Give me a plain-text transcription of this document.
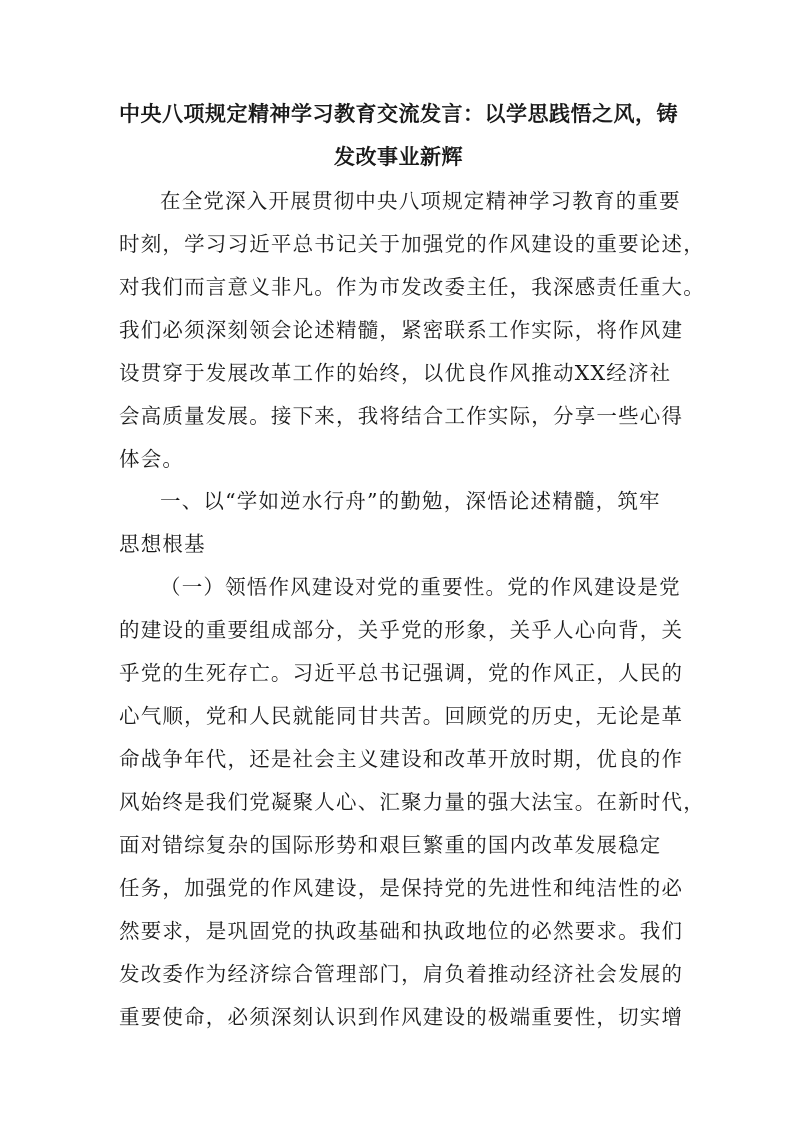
中央八项规定精神学习教育交流发言：以学思践悟之风，铸
发改事业新辉
在全党深入开展贯彻中央八项规定精神学习教育的重要
时刻，学习习近平总书记关于加强党的作风建设的重要论述，
对我们而言意义非凡。作为市发改委主任，我深感责任重大。
我们必须深刻领会论述精髓，紧密联系工作实际，将作风建
设贯穿于发展改革工作的始终，以优良作风推动XX经济社
会高质量发展。接下来，我将结合工作实际，分享一些心得
体会。
一、以“学如逆水行舟”的勤勉，深悟论述精髓，筑牢
思想根基
（一）领悟作风建设对党的重要性。党的作风建设是党
的建设的重要组成部分，关乎党的形象，关乎人心向背，关
乎党的生死存亡。习近平总书记强调，党的作风正，人民的
心气顺，党和人民就能同甘共苦。回顾党的历史，无论是革
命战争年代，还是社会主义建设和改革开放时期，优良的作
风始终是我们党凝聚人心、汇聚力量的强大法宝。在新时代，
面对错综复杂的国际形势和艰巨繁重的国内改革发展稳定
任务，加强党的作风建设，是保持党的先进性和纯洁性的必
然要求，是巩固党的执政基础和执政地位的必然要求。我们
发改委作为经济综合管理部门，肩负着推动经济社会发展的
重要使命，必须深刻认识到作风建设的极端重要性，切实增
